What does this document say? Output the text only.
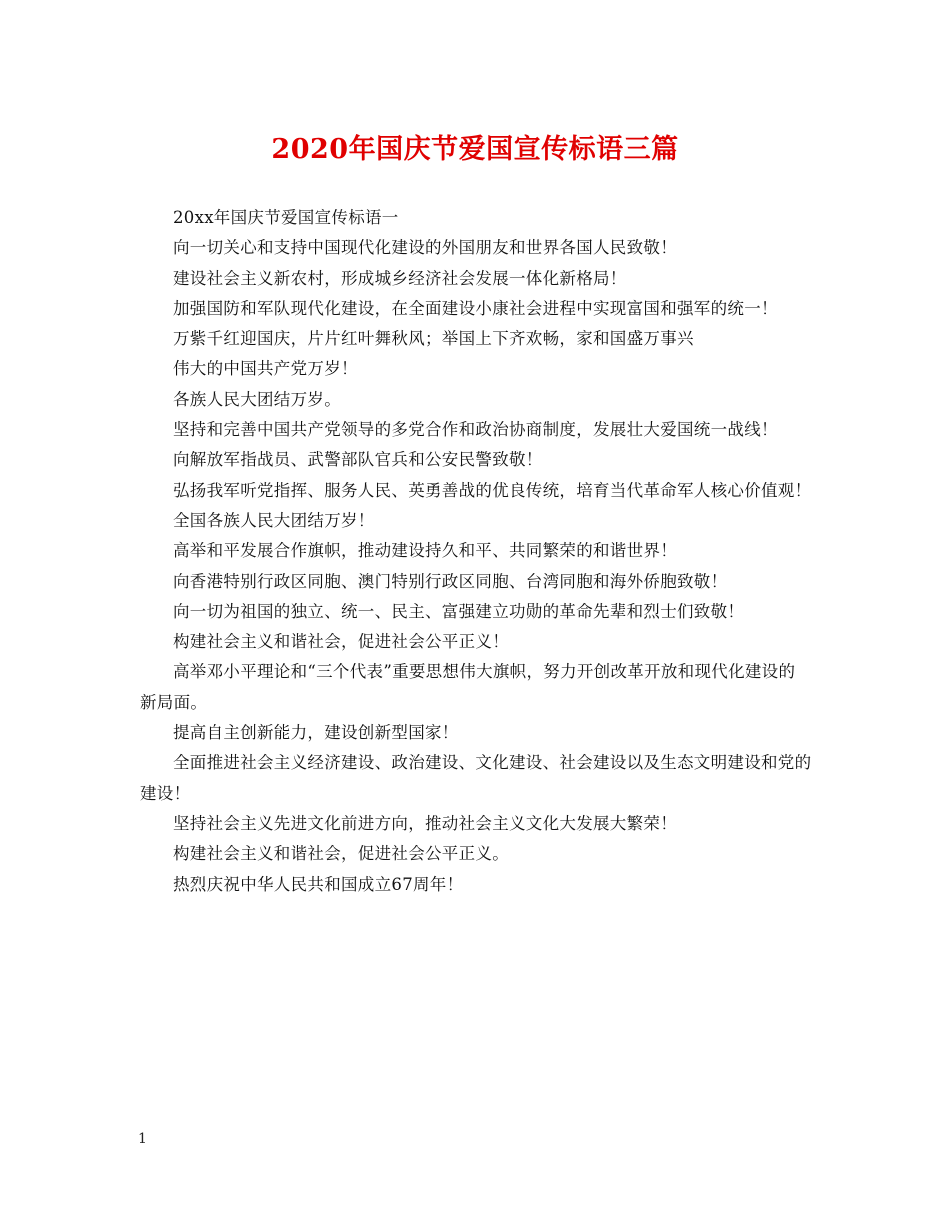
2020年国庆节爱国宣传标语三篇

20xx年国庆节爱国宣传标语一

向一切关心和支持中国现代化建设的外国朋友和世界各国人民致敬！

建设社会主义新农村，形成城乡经济社会发展一体化新格局！

加强国防和军队现代化建设，在全面建设小康社会进程中实现富国和强军的统一！

万紫千红迎国庆，片片红叶舞秋风；举国上下齐欢畅，家和国盛万事兴

伟大的中国共产党万岁！

各族人民大团结万岁。

坚持和完善中国共产党领导的多党合作和政治协商制度，发展壮大爱国统一战线！

向解放军指战员、武警部队官兵和公安民警致敬！

弘扬我军听党指挥、服务人民、英勇善战的优良传统，培育当代革命军人核心价值观！

全国各族人民大团结万岁！

高举和平发展合作旗帜，推动建设持久和平、共同繁荣的和谐世界！

向香港特别行政区同胞、澳门特别行政区同胞、台湾同胞和海外侨胞致敬！

向一切为祖国的独立、统一、民主、富强建立功勋的革命先辈和烈士们致敬！

构建社会主义和谐社会，促进社会公平正义！

高举邓小平理论和“三个代表”重要思想伟大旗帜，努力开创改革开放和现代化建设的新局面。

提高自主创新能力，建设创新型国家！

全面推进社会主义经济建设、政治建设、文化建设、社会建设以及生态文明建设和党的建设！

坚持社会主义先进文化前进方向，推动社会主义文化大发展大繁荣！

构建社会主义和谐社会，促进社会公平正义。

热烈庆祝中华人民共和国成立67周年！

1
